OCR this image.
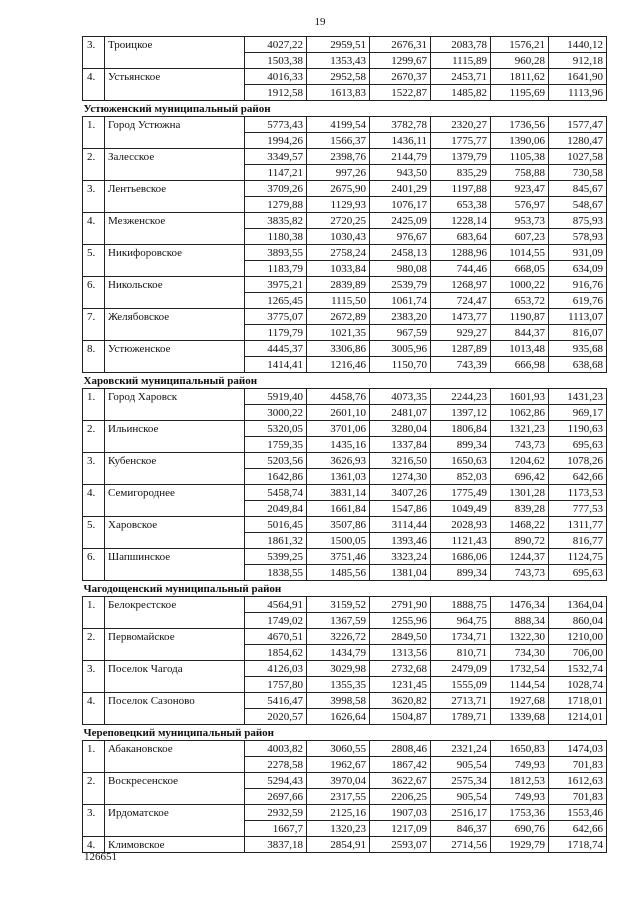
19
3.	Троицкое	4027,22	2959,51	2676,31	2083,78	1576,21	1440,12
		1503,38	1353,43	1299,67	1115,89	960,28	912,18
4.	Устьянское	4016,33	2952,58	2670,37	2453,71	1811,62	1641,90
		1912,58	1613,83	1522,87	1485,82	1195,69	1113,96
Устюженский муниципальный район							
1.	Город Устюжна	5773,43	4199,54	3782,78	2320,27	1736,56	1577,47
		1994,26	1566,37	1436,11	1775,77	1390,06	1280,47
2.	Залесское	3349,57	2398,76	2144,79	1379,79	1105,38	1027,58
		1147,21	997,26	943,50	835,29	758,88	730,58
3.	Лентьевское	3709,26	2675,90	2401,29	1197,88	923,47	845,67
		1279,88	1129,93	1076,17	653,38	576,97	548,67
4.	Мезженское	3835,82	2720,25	2425,09	1228,14	953,73	875,93
		1180,38	1030,43	976,67	683,64	607,23	578,93
5.	Никифоровское	3893,55	2758,24	2458,13	1288,96	1014,55	931,09
		1183,79	1033,84	980,08	744,46	668,05	634,09
6.	Никольское	3975,21	2839,89	2539,79	1268,97	1000,22	916,76
		1265,45	1115,50	1061,74	724,47	653,72	619,76
7.	Желябовское	3775,07	2672,89	2383,20	1473,77	1190,87	1113,07
		1179,79	1021,35	967,59	929,27	844,37	816,07
8.	Устюженское	4445,37	3306,86	3005,96	1287,89	1013,48	935,68
		1414,41	1216,46	1150,70	743,39	666,98	638,68
Харовский муниципальный район							
1.	Город Харовск	5919,40	4458,76	4073,35	2244,23	1601,93	1431,23
		3000,22	2601,10	2481,07	1397,12	1062,86	969,17
2.	Ильинское	5320,05	3701,06	3280,04	1806,84	1321,23	1190,63
		1759,35	1435,16	1337,84	899,34	743,73	695,63
3.	Кубенское	5203,56	3626,93	3216,50	1650,63	1204,62	1078,26
		1642,86	1361,03	1274,30	852,03	696,42	642,66
4.	Семигороднее	5458,74	3831,14	3407,26	1775,49	1301,28	1173,53
		2049,84	1661,84	1547,86	1049,49	839,28	777,53
5.	Харовское	5016,45	3507,86	3114,44	2028,93	1468,22	1311,77
		1861,32	1500,05	1393,46	1121,43	890,72	816,77
6.	Шапшинское	5399,25	3751,46	3323,24	1686,06	1244,37	1124,75
		1838,55	1485,56	1381,04	899,34	743,73	695,63
Чагодощенский муниципальный район							
1.	Белокрестское	4564,91	3159,52	2791,90	1888,75	1476,34	1364,04
		1749,02	1367,59	1255,96	964,75	888,34	860,04
2.	Первомайское	4670,51	3226,72	2849,50	1734,71	1322,30	1210,00
		1854,62	1434,79	1313,56	810,71	734,30	706,00
3.	Поселок Чагода	4126,03	3029,98	2732,68	2479,09	1732,54	1532,74
		1757,80	1355,35	1231,45	1555,09	1144,54	1028,74
4.	Поселок Сазоново	5416,47	3998,58	3620,82	2713,71	1927,68	1718,01
		2020,57	1626,64	1504,87	1789,71	1339,68	1214,01
Череповецкий муниципальный район							
1.	Абакановское	4003,82	3060,55	2808,46	2321,24	1650,83	1474,03
		2278,58	1962,67	1867,42	905,54	749,93	701,83
2.	Воскресенское	5294,43	3970,04	3622,67	2575,34	1812,53	1612,63
		2697,66	2317,55	2206,25	905,54	749,93	701,83
3.	Ирдоматское	2932,59	2125,16	1907,03	2516,17	1753,36	1553,46
		1667,7	1320,23	1217,09	846,37	690,76	642,66
4.	Климовское	3837,18	2854,91	2593,07	2714,56	1929,79	1718,74
126651
